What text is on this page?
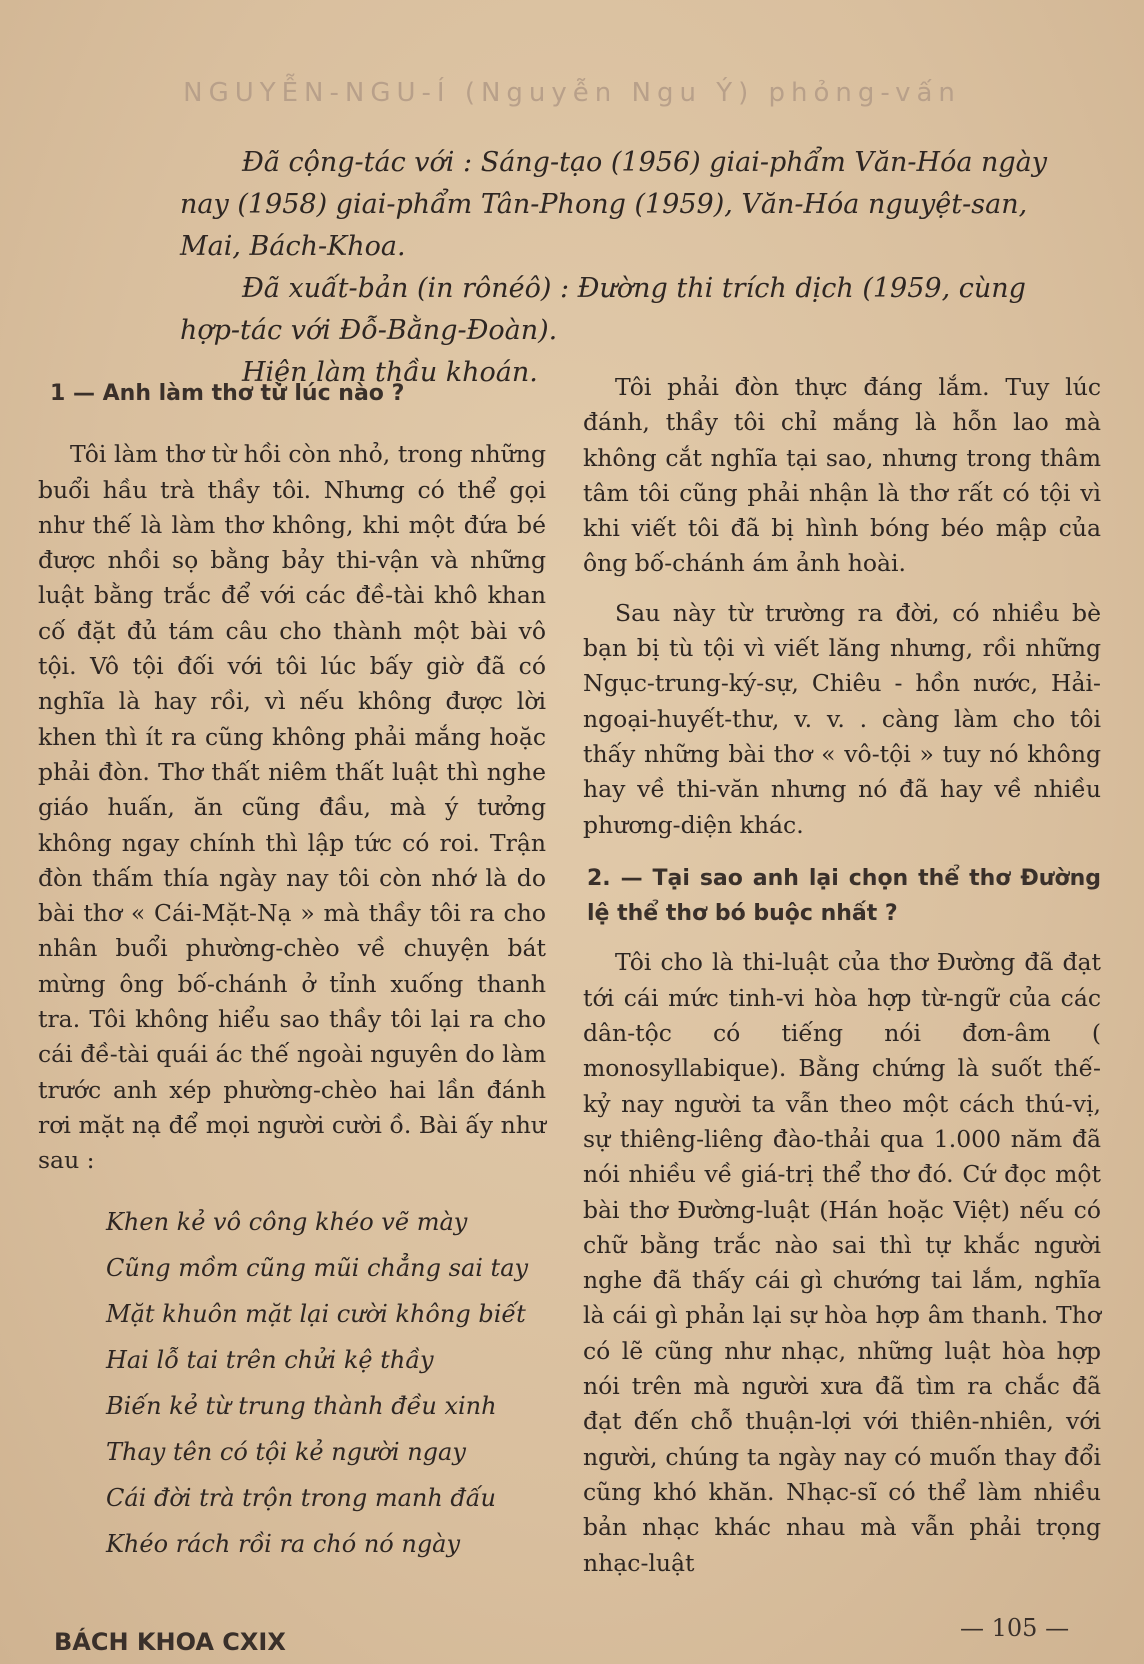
NGUYỄN-NGU-Í (Nguyễn Ngu Ý) phỏng-vấn

Đã cộng-tác với : Sáng-tạo (1956) giai-phẩm Văn-Hóa ngày nay (1958) giai-phẩm Tân-Phong (1959), Văn-Hóa nguyệt-san, Mai, Bách-Khoa.

Đã xuất-bản (in rônéô) : Đường thi trích dịch (1959, cùng hợp-tác với Đỗ-Bằng-Đoàn).

Hiện làm thầu khoán.

1 — Anh làm thơ từ lúc nào ?

Tôi làm thơ từ hồi còn nhỏ, trong những buổi hầu trà thầy tôi. Nhưng có thể gọi như thế là làm thơ không, khi một đứa bé được nhồi sọ bằng bảy thi-vận và những luật bằng trắc để với các đề-tài khô khan cố đặt đủ tám câu cho thành một bài vô tội. Vô tội đối với tôi lúc bấy giờ đã có nghĩa là hay rồi, vì nếu không được lời khen thì ít ra cũng không phải mắng hoặc phải đòn. Thơ thất niêm thất luật thì nghe giáo huấn, ăn cũng đầu, mà ý tưởng không ngay chính thì lập tức có roi. Trận đòn thấm thía ngày nay tôi còn nhớ là do bài thơ « Cái-Mặt-Nạ » mà thầy tôi ra cho nhân buổi phường-chèo về chuyện bát mừng ông bố-chánh ở tỉnh xuống thanh tra. Tôi không hiểu sao thầy tôi lại ra cho cái đề-tài quái ác thế ngoài nguyên do làm trước anh xép phường-chèo hai lần đánh rơi mặt nạ để mọi người cười ồ. Bài ấy như sau :

Khen kẻ vô công khéo vẽ mày
Cũng mồm cũng mũi chẳng sai tay
Mặt khuôn mặt lại cười không biết
Hai lỗ tai trên chửi kệ thầy
Biến kẻ từ trung thành đều xinh
Thay tên có tội kẻ người ngay
Cái đời trà trộn trong manh đấu
Khéo rách rồi ra chó nó ngày

Tôi phải đòn thực đáng lắm. Tuy lúc đánh, thầy tôi chỉ mắng là hỗn lao mà không cắt nghĩa tại sao, nhưng trong thâm tâm tôi cũng phải nhận là thơ rất có tội vì khi viết tôi đã bị hình bóng béo mập của ông bố-chánh ám ảnh hoài.

Sau này từ trường ra đời, có nhiều bè bạn bị tù tội vì viết lăng nhưng, rồi những Ngục-trung-ký-sự, Chiêu - hồn nước, Hải-ngoại-huyết-thư, v. v. . càng làm cho tôi thấy những bài thơ « vô-tội » tuy nó không hay về thi-văn nhưng nó đã hay về nhiều phương-diện khác.

2. — Tại sao anh lại chọn thể thơ Đường lệ thể thơ bó buộc nhất ?

Tôi cho là thi-luật của thơ Đường đã đạt tới cái mức tinh-vi hòa hợp từ-ngữ của các dân-tộc có tiếng nói đơn-âm ( monosyllabique). Bằng chứng là suốt thế-kỷ nay người ta vẫn theo một cách thú-vị, sự thiêng-liêng đào-thải qua 1.000 năm đã nói nhiều về giá-trị thể thơ đó. Cứ đọc một bài thơ Đường-luật (Hán hoặc Việt) nếu có chữ bằng trắc nào sai thì tự khắc người nghe đã thấy cái gì chướng tai lắm, nghĩa là cái gì phản lại sự hòa hợp âm thanh. Thơ có lẽ cũng như nhạc, những luật hòa hợp nói trên mà người xưa đã tìm ra chắc đã đạt đến chỗ thuận-lợi với thiên-nhiên, với người, chúng ta ngày nay có muốn thay đổi cũng khó khăn. Nhạc-sĩ có thể làm nhiều bản nhạc khác nhau mà vẫn phải trọng nhạc-luật

BÁCH KHOA CXIX	— 105 —
